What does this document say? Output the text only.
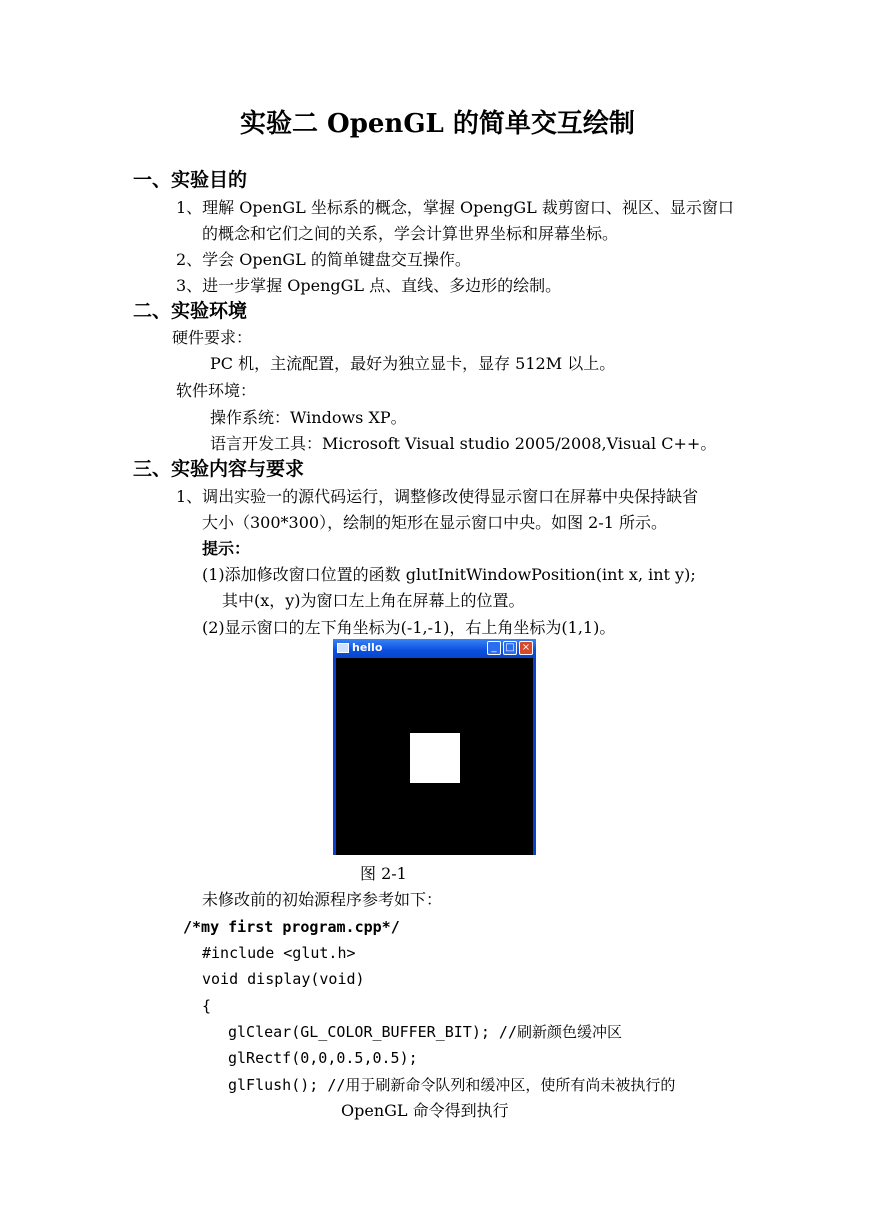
实验二 OpenGL 的简单交互绘制
一、实验目的
1、理解 OpenGL 坐标系的概念，掌握 OpengGL 裁剪窗口、视区、显示窗口
的概念和它们之间的关系，学会计算世界坐标和屏幕坐标。
2、学会 OpenGL 的简单键盘交互操作。
3、进一步掌握 OpengGL 点、直线、多边形的绘制。
二、实验环境
硬件要求：
PC 机，主流配置，最好为独立显卡，显存 512M 以上。
软件环境：
操作系统：Windows XP。
语言开发工具：Microsoft Visual studio 2005/2008,Visual C++。
三、实验内容与要求
1、调出实验一的源代码运行，调整修改使得显示窗口在屏幕中央保持缺省
大小（300*300），绘制的矩形在显示窗口中央。如图 2-1 所示。
提示：
(1)添加修改窗口位置的函数 glutInitWindowPosition(int x, int y);
其中(x，y)为窗口左上角在屏幕上的位置。
(2)显示窗口的左下角坐标为(-1,-1)，右上角坐标为(1,1)。
hello	_ □ ×
图 2-1
未修改前的初始源程序参考如下：
/*my first program.cpp*/
#include <glut.h>
void display(void)
{
glClear(GL_COLOR_BUFFER_BIT); //刷新颜色缓冲区
glRectf(0,0,0.5,0.5);
glFlush(); //用于刷新命令队列和缓冲区，使所有尚未被执行的
OpenGL 命令得到执行
